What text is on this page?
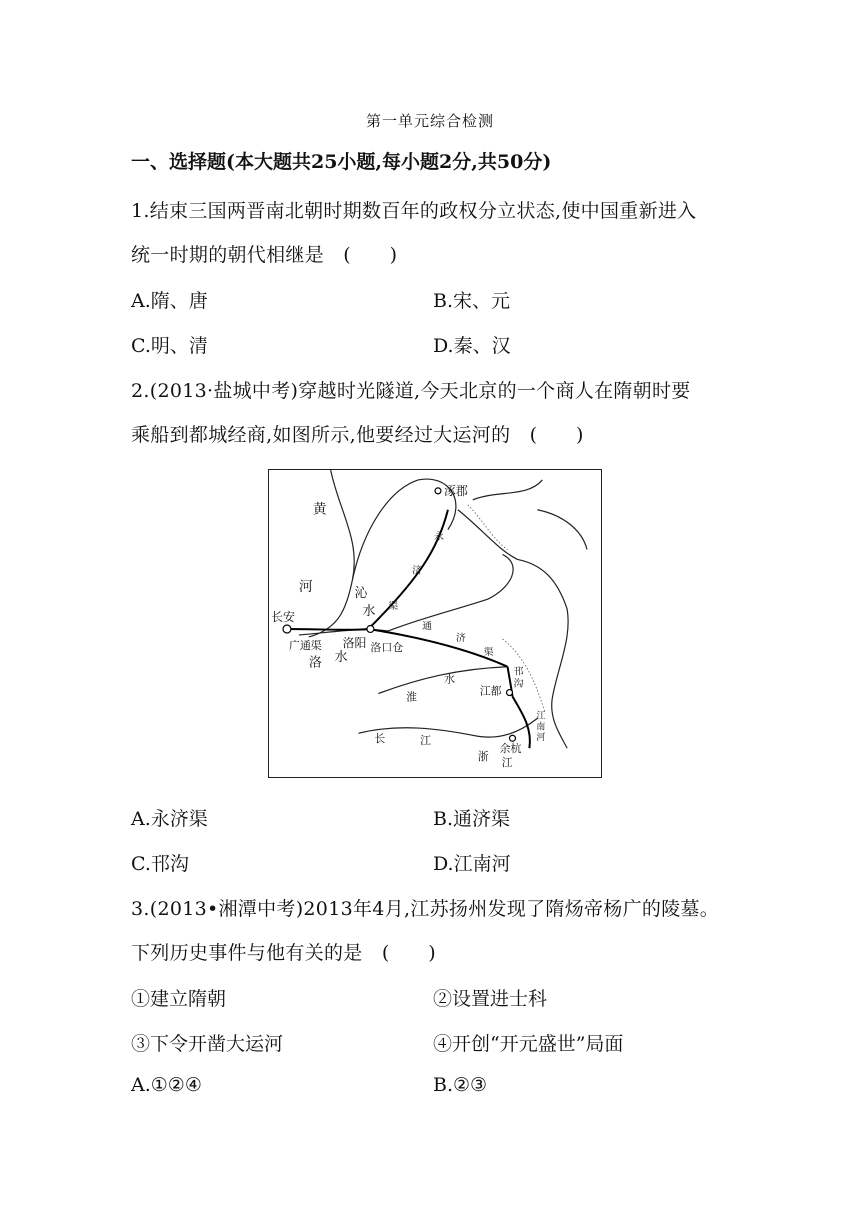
第一单元综合检测
一、选择题(本大题共25小题,每小题2分,共50分)
1.结束三国两晋南北朝时期数百年的政权分立状态,使中国重新进入
统一时期的朝代相继是　(　　)
A.隋、唐	B.宋、元
C.明、清	D.秦、汉
2.(2013·盐城中考)穿越时光隧道,今天北京的一个商人在隋朝时要
乘船到都城经商,如图所示,他要经过大运河的　(　　)
黄
河	沁
水
涿郡
永
济
渠
长安
广通渠 洛阳 洛口仓
洛 水
通
济
渠
淮
水
邗
沟
江都
江
南
河
长	江
浙 江
余杭
A.永济渠	B.通济渠
C.邗沟	D.江南河
3.(2013•湘潭中考)2013年4月,江苏扬州发现了隋炀帝杨广的陵墓。
下列历史事件与他有关的是　(　　)
①建立隋朝	②设置进士科
③下令开凿大运河	④开创“开元盛世”局面
A.①②④	B.②③
